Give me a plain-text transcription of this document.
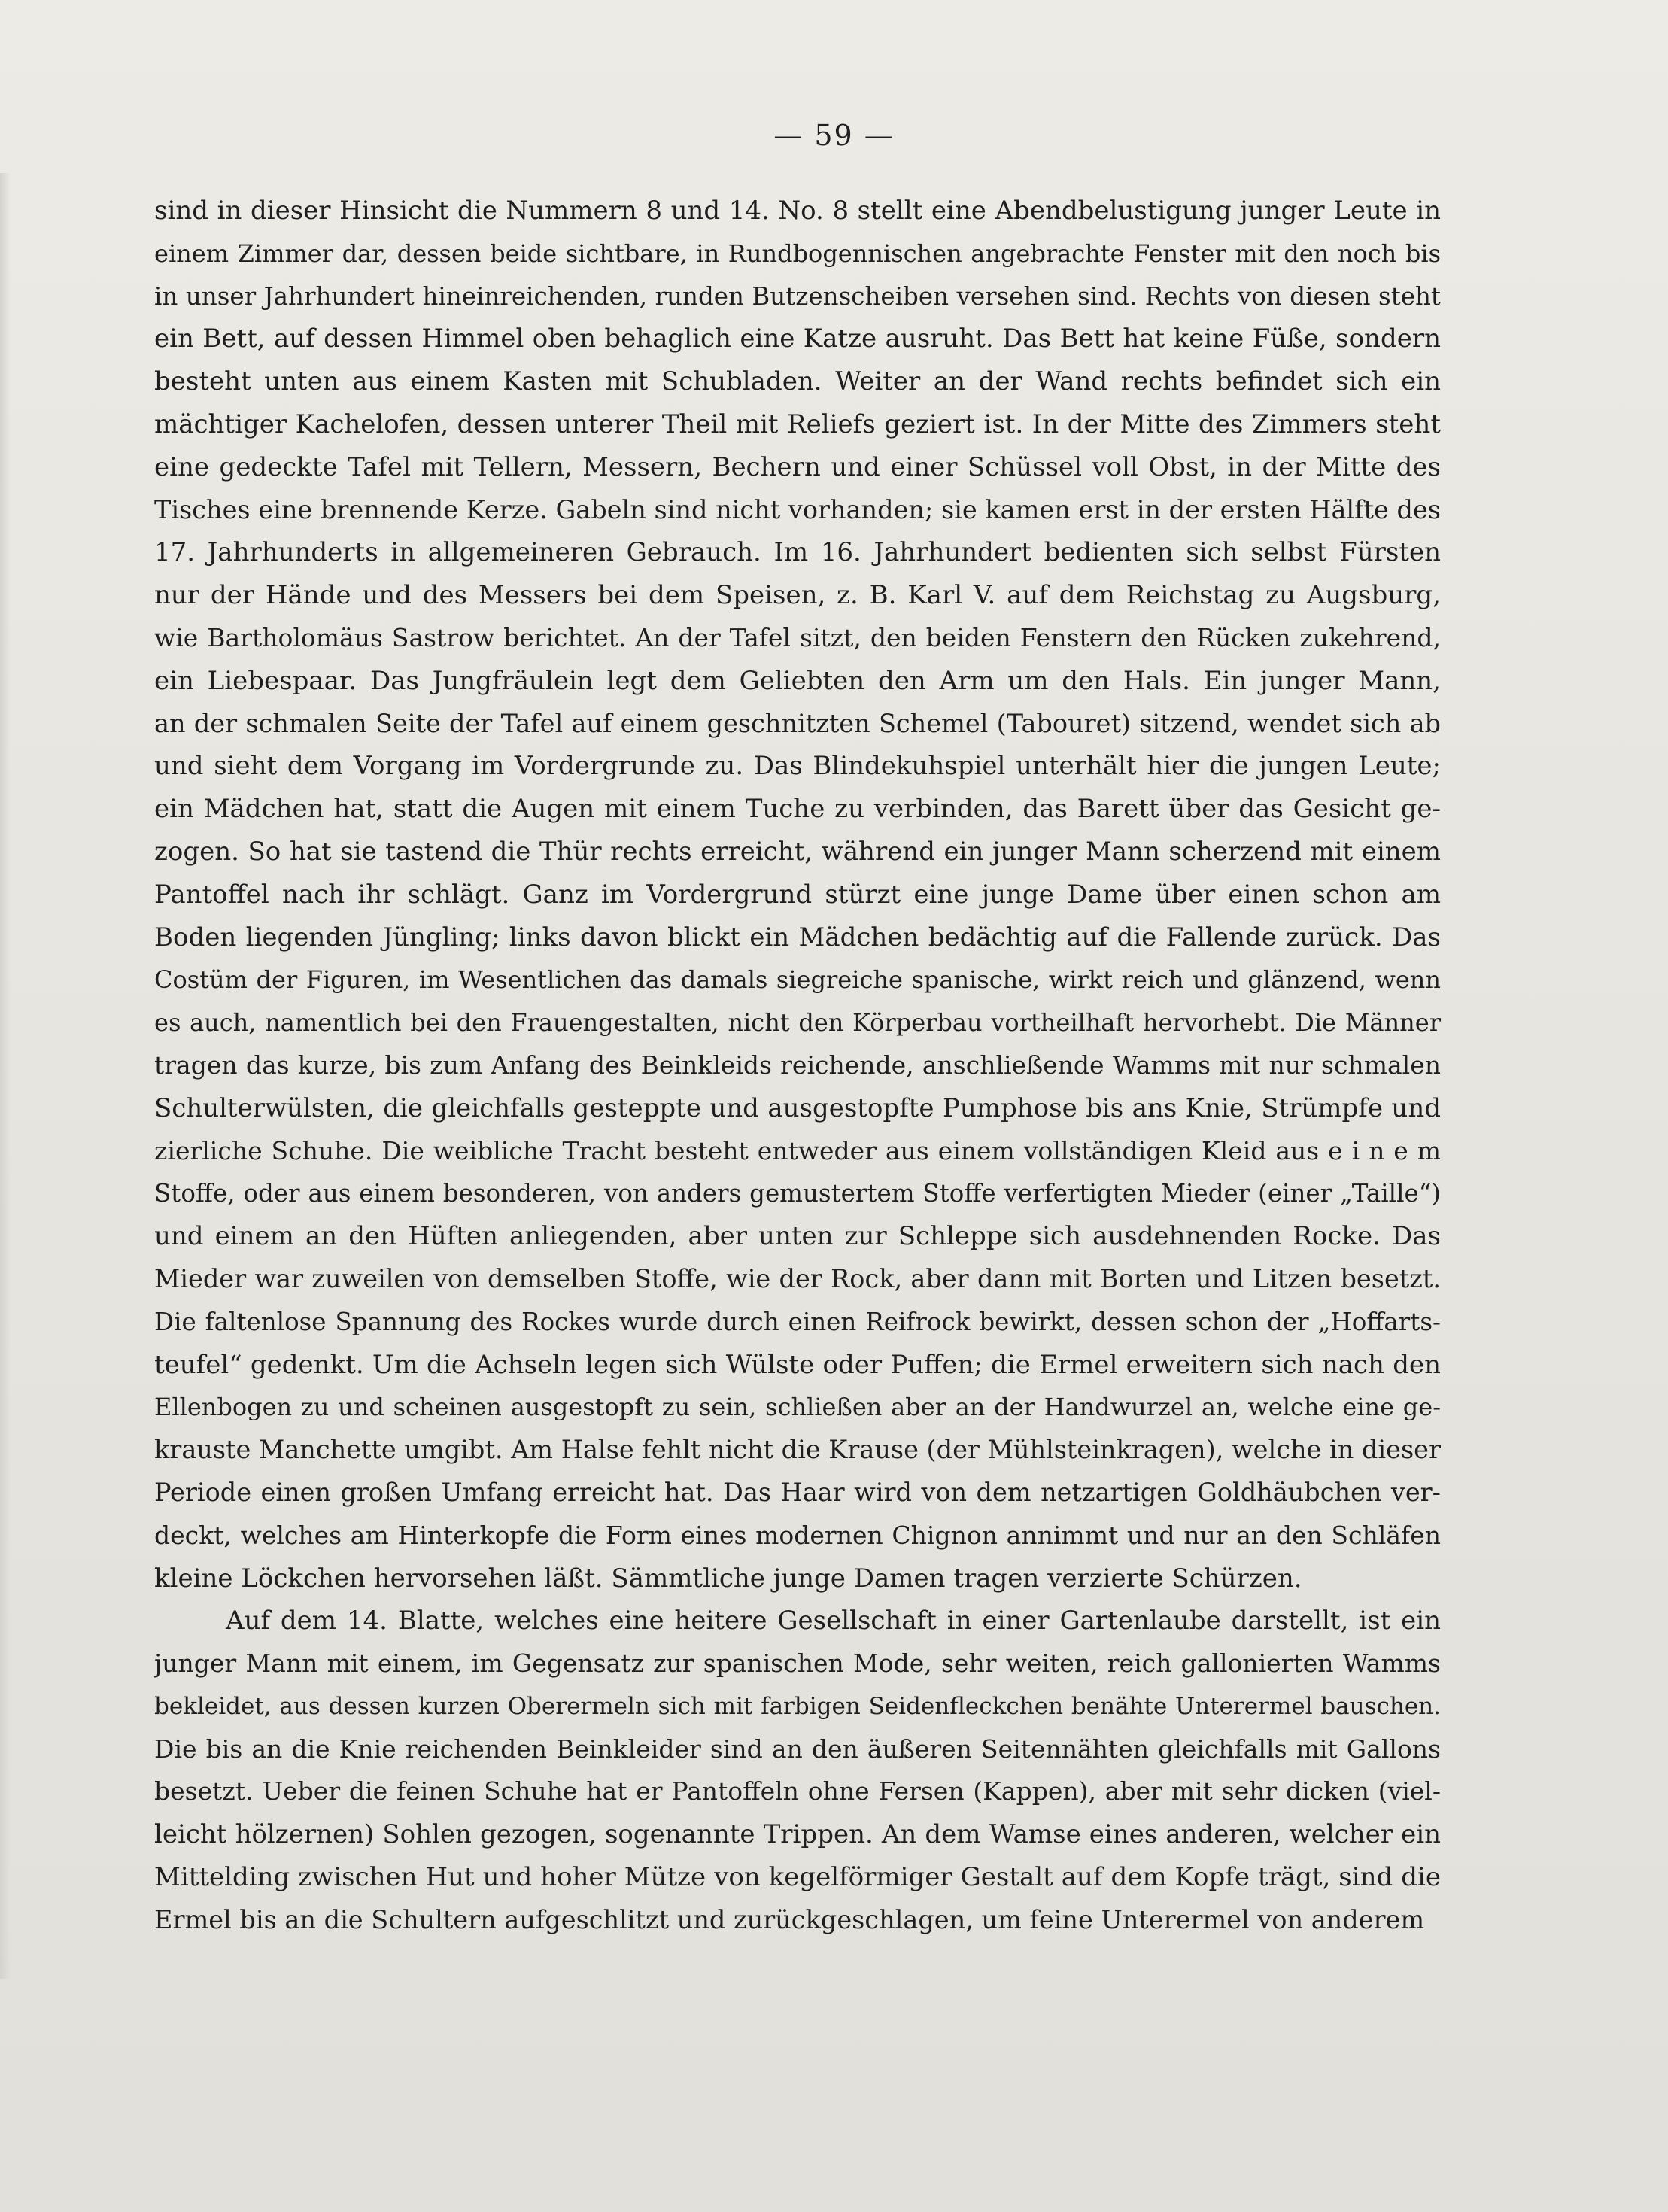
— 59 —
sind in dieser Hinsicht die Nummern 8 und 14. No. 8 stellt eine Abendbelustigung junger Leute in
einem Zimmer dar, dessen beide sichtbare, in Rundbogennischen angebrachte Fenster mit den noch bis
in unser Jahrhundert hineinreichenden, runden Butzenscheiben versehen sind. Rechts von diesen steht
ein Bett, auf dessen Himmel oben behaglich eine Katze ausruht. Das Bett hat keine Füße, sondern
besteht unten aus einem Kasten mit Schubladen. Weiter an der Wand rechts befindet sich ein
mächtiger Kachelofen, dessen unterer Theil mit Reliefs geziert ist. In der Mitte des Zimmers steht
eine gedeckte Tafel mit Tellern, Messern, Bechern und einer Schüssel voll Obst, in der Mitte des
Tisches eine brennende Kerze. Gabeln sind nicht vorhanden; sie kamen erst in der ersten Hälfte des
17. Jahrhunderts in allgemeineren Gebrauch. Im 16. Jahrhundert bedienten sich selbst Fürsten
nur der Hände und des Messers bei dem Speisen, z. B. Karl V. auf dem Reichstag zu Augsburg,
wie Bartholomäus Sastrow berichtet. An der Tafel sitzt, den beiden Fenstern den Rücken zukehrend,
ein Liebespaar. Das Jungfräulein legt dem Geliebten den Arm um den Hals. Ein junger Mann,
an der schmalen Seite der Tafel auf einem geschnitzten Schemel (Tabouret) sitzend, wendet sich ab
und sieht dem Vorgang im Vordergrunde zu. Das Blindekuhspiel unterhält hier die jungen Leute;
ein Mädchen hat, statt die Augen mit einem Tuche zu verbinden, das Barett über das Gesicht ge-
zogen. So hat sie tastend die Thür rechts erreicht, während ein junger Mann scherzend mit einem
Pantoffel nach ihr schlägt. Ganz im Vordergrund stürzt eine junge Dame über einen schon am
Boden liegenden Jüngling; links davon blickt ein Mädchen bedächtig auf die Fallende zurück. Das
Costüm der Figuren, im Wesentlichen das damals siegreiche spanische, wirkt reich und glänzend, wenn
es auch, namentlich bei den Frauengestalten, nicht den Körperbau vortheilhaft hervorhebt. Die Männer
tragen das kurze, bis zum Anfang des Beinkleids reichende, anschließende Wamms mit nur schmalen
Schulterwülsten, die gleichfalls gesteppte und ausgestopfte Pumphose bis ans Knie, Strümpfe und
zierliche Schuhe. Die weibliche Tracht besteht entweder aus einem vollständigen Kleid aus e i n e m
Stoffe, oder aus einem besonderen, von anders gemustertem Stoffe verfertigten Mieder (einer „Taille“)
und einem an den Hüften anliegenden, aber unten zur Schleppe sich ausdehnenden Rocke. Das
Mieder war zuweilen von demselben Stoffe, wie der Rock, aber dann mit Borten und Litzen besetzt.
Die faltenlose Spannung des Rockes wurde durch einen Reifrock bewirkt, dessen schon der „Hoffarts-
teufel“ gedenkt. Um die Achseln legen sich Wülste oder Puffen; die Ermel erweitern sich nach den
Ellenbogen zu und scheinen ausgestopft zu sein, schließen aber an der Handwurzel an, welche eine ge-
krauste Manchette umgibt. Am Halse fehlt nicht die Krause (der Mühlsteinkragen), welche in dieser
Periode einen großen Umfang erreicht hat. Das Haar wird von dem netzartigen Goldhäubchen ver-
deckt, welches am Hinterkopfe die Form eines modernen Chignon annimmt und nur an den Schläfen
kleine Löckchen hervorsehen läßt. Sämmtliche junge Damen tragen verzierte Schürzen.
Auf dem 14. Blatte, welches eine heitere Gesellschaft in einer Gartenlaube darstellt, ist ein
junger Mann mit einem, im Gegensatz zur spanischen Mode, sehr weiten, reich gallonierten Wamms
bekleidet, aus dessen kurzen Oberermeln sich mit farbigen Seidenfleckchen benähte Unterermel bauschen.
Die bis an die Knie reichenden Beinkleider sind an den äußeren Seitennähten gleichfalls mit Gallons
besetzt. Ueber die feinen Schuhe hat er Pantoffeln ohne Fersen (Kappen), aber mit sehr dicken (viel-
leicht hölzernen) Sohlen gezogen, sogenannte Trippen. An dem Wamse eines anderen, welcher ein
Mittelding zwischen Hut und hoher Mütze von kegelförmiger Gestalt auf dem Kopfe trägt, sind die
Ermel bis an die Schultern aufgeschlitzt und zurückgeschlagen, um feine Unterermel von anderem
